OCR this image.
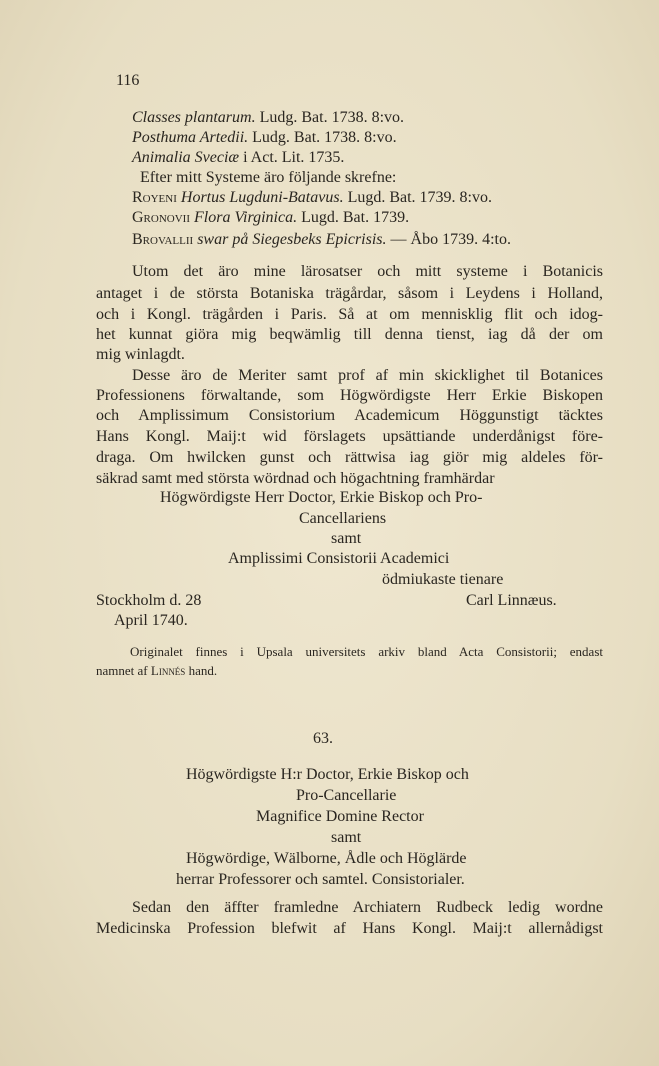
116
Classes plantarum. Ludg. Bat. 1738. 8:vo.
Posthuma Artedii. Ludg. Bat. 1738. 8:vo.
Animalia Sveciæ i Act. Lit. 1735.
Efter mitt Systeme äro följande skrefne:
Royeni Hortus Lugduni-Batavus. Lugd. Bat. 1739. 8:vo.
Gronovii Flora Virginica. Lugd. Bat. 1739.
Brovallii swar på Siegesbeks Epicrisis. — Åbo 1739. 4:to.
Utom det äro mine lärosatser och mitt systeme i Botanicis
antaget i de största Botaniska trägårdar, såsom i Leydens i Holland,
och i Kongl. trägården i Paris. Så at om mennisklig flit och idog-
het kunnat giöra mig beqwämlig till denna tienst, iag då der om
mig winlagdt.
Desse äro de Meriter samt prof af min skicklighet til Botanices
Professionens förwaltande, som Högwördigste Herr Erkie Biskopen
och Amplissimum Consistorium Academicum Höggunstigt täcktes
Hans Kongl. Maij:t wid förslagets upsättiande underdånigst före-
draga. Om hwilcken gunst och rättwisa iag giör mig aldeles för-
säkrad samt med största wördnad och högachtning framhärdar
Högwördigste Herr Doctor, Erkie Biskop och Pro-
Cancellariens
samt
Amplissimi Consistorii Academici
ödmiukaste tienare
Stockholm d. 28	Carl Linnæus.
April 1740.
Originalet finnes i Upsala universitets arkiv bland Acta Consistorii; endast
namnet af Linnés hand.
63.
Högwördigste H:r Doctor, Erkie Biskop och
Pro-Cancellarie
Magnifice Domine Rector
samt
Högwördige, Wälborne, Ådle och Höglärde
herrar Professorer och samtel. Consistorialer.
Sedan den äffter framledne Archiatern Rudbeck ledig wordne
Medicinska Profession blefwit af Hans Kongl. Maij:t allernådigst
